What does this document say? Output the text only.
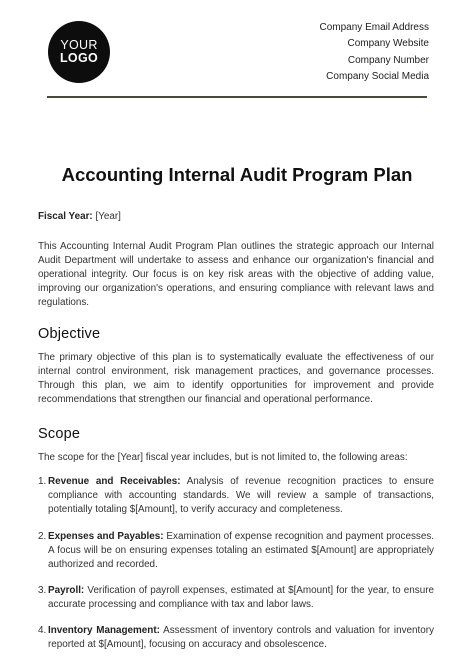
YOUR
LOGO
Company Email Address
Company Website
Company Number
Company Social Media
Accounting Internal Audit Program Plan

Fiscal Year: [Year]

This Accounting Internal Audit Program Plan outlines the strategic approach our Internal Audit Department will undertake to assess and enhance our organization's financial and operational integrity. Our focus is on key risk areas with the objective of adding value, improving our organization's operations, and ensuring compliance with relevant laws and regulations.

Objective

The primary objective of this plan is to systematically evaluate the effectiveness of our internal control environment, risk management practices, and governance processes. Through this plan, we aim to identify opportunities for improvement and provide recommendations that strengthen our financial and operational performance.

Scope

The scope for the [Year] fiscal year includes, but is not limited to, the following areas:

1. Revenue and Receivables: Analysis of revenue recognition practices to ensure compliance with accounting standards. We will review a sample of transactions, potentially totaling $[Amount], to verify accuracy and completeness.
2. Expenses and Payables: Examination of expense recognition and payment processes. A focus will be on ensuring expenses totaling an estimated $[Amount] are appropriately authorized and recorded.
3. Payroll: Verification of payroll expenses, estimated at $[Amount] for the year, to ensure accurate processing and compliance with tax and labor laws.
4. Inventory Management: Assessment of inventory controls and valuation for inventory reported at $[Amount], focusing on accuracy and obsolescence.
